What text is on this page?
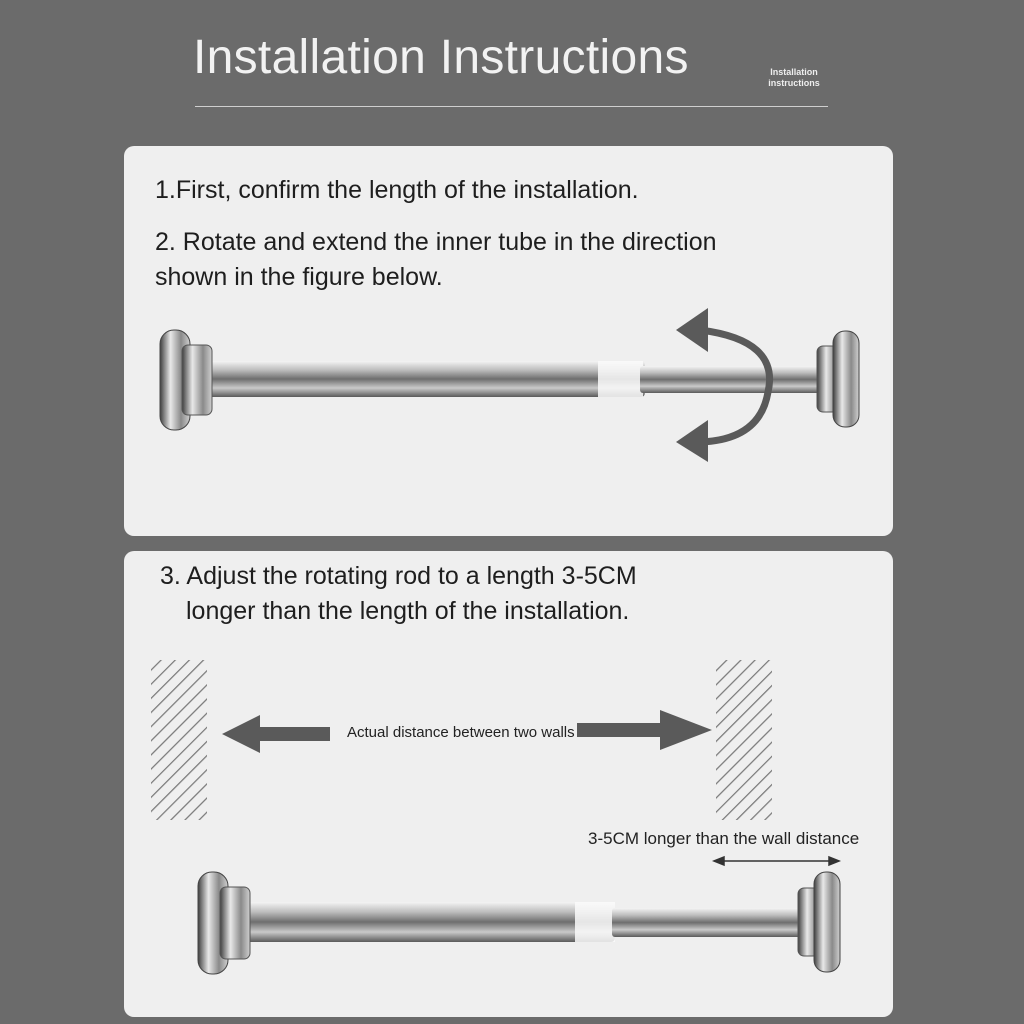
Installation Instructions	Installation
instructions
1.First, confirm the length of the installation.
2. Rotate and extend the inner tube in the direction
shown in the figure below.
3. Adjust the rotating rod to a length 3-5CM
longer than the length of the installation.
Actual distance between two walls
3-5CM longer than the wall distance
